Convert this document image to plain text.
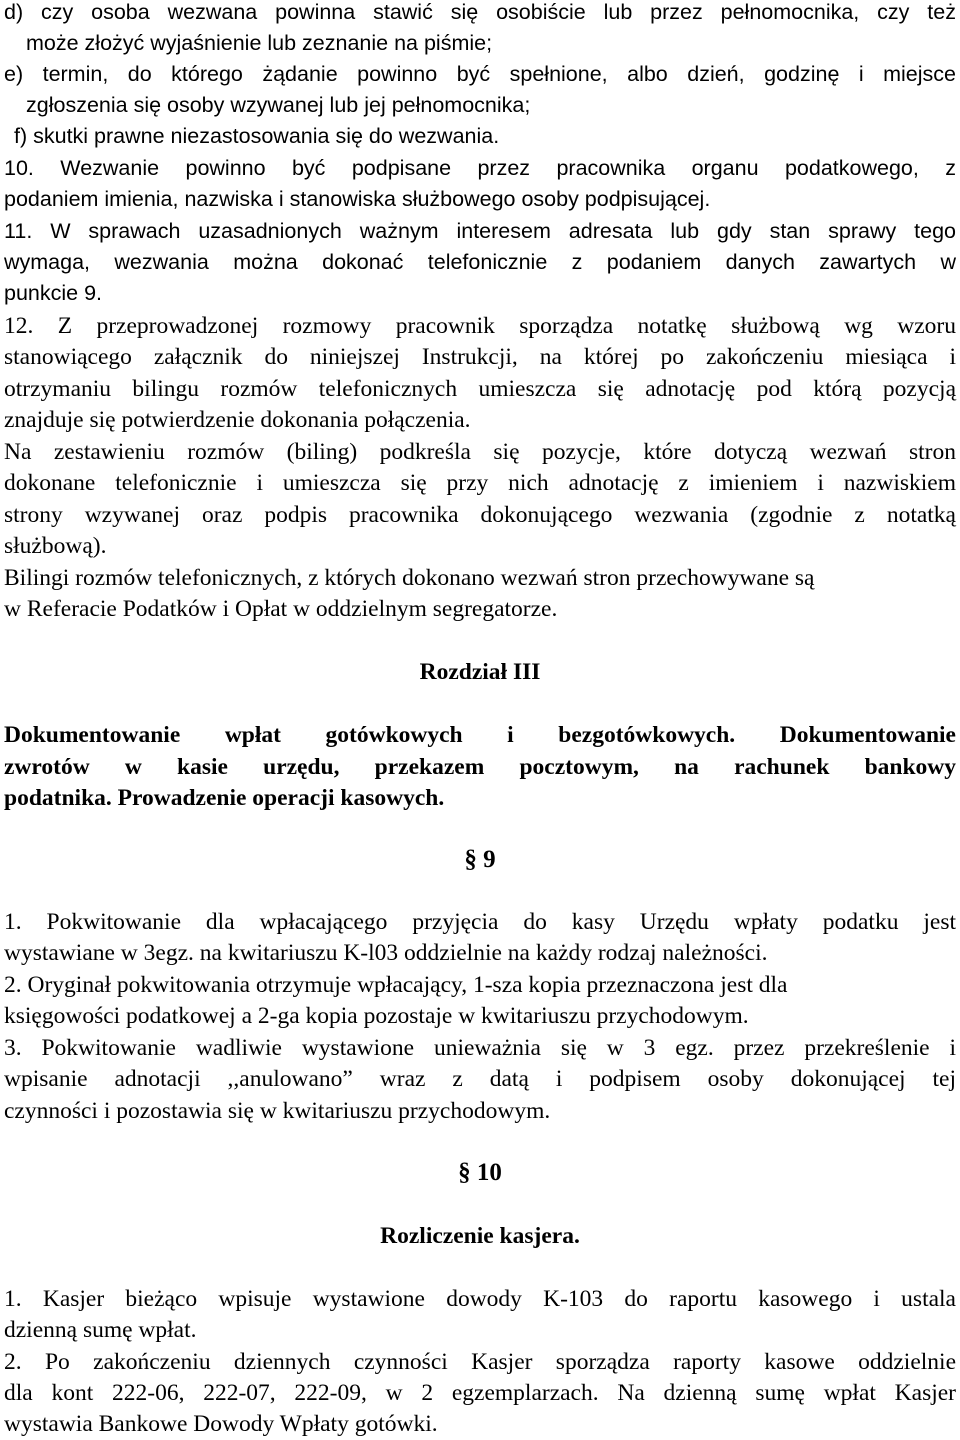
d) czy osoba wezwana powinna stawić się osobiście lub przez pełnomocnika, czy też
może złożyć wyjaśnienie lub zeznanie na piśmie;
e) termin, do którego żądanie powinno być spełnione, albo dzień, godzinę i miejsce
zgłoszenia się osoby wzywanej lub jej pełnomocnika;
f) skutki prawne niezastosowania się do wezwania.
10. Wezwanie powinno być podpisane przez pracownika organu podatkowego, z
podaniem imienia, nazwiska i stanowiska służbowego osoby podpisującej.
11. W sprawach uzasadnionych ważnym interesem adresata lub gdy stan sprawy tego
wymaga, wezwania można dokonać telefonicznie z podaniem danych zawartych w
punkcie 9.
12. Z przeprowadzonej rozmowy pracownik sporządza notatkę służbową wg wzoru
stanowiącego załącznik do niniejszej Instrukcji, na której po zakończeniu miesiąca i
otrzymaniu bilingu rozmów telefonicznych umieszcza się adnotację pod którą pozycją
znajduje się potwierdzenie dokonania połączenia.
Na zestawieniu rozmów (biling) podkreśla się pozycje, które dotyczą wezwań stron
dokonane telefonicznie i umieszcza się przy nich adnotację z imieniem i nazwiskiem
strony wzywanej oraz podpis pracownika dokonującego wezwania (zgodnie z notatką
służbową).
Bilingi rozmów telefonicznych, z których dokonano wezwań stron przechowywane są
w Referacie Podatków i Opłat w oddzielnym segregatorze.
Rozdział III
Dokumentowanie wpłat gotówkowych i bezgotówkowych. Dokumentowanie
zwrotów w kasie urzędu, przekazem pocztowym, na rachunek bankowy
podatnika. Prowadzenie operacji kasowych.
§ 9
1. Pokwitowanie dla wpłacającego przyjęcia do kasy Urzędu wpłaty podatku jest
wystawiane w 3egz. na kwitariuszu K-l03 oddzielnie na każdy rodzaj należności.
2. Oryginał pokwitowania otrzymuje wpłacający, 1-sza kopia przeznaczona jest dla
księgowości podatkowej a 2-ga kopia pozostaje w kwitariuszu przychodowym.
3. Pokwitowanie wadliwie wystawione unieważnia się w 3 egz. przez przekreślenie i
wpisanie adnotacji ,,anulowano” wraz z datą i podpisem osoby dokonującej tej
czynności i pozostawia się w kwitariuszu przychodowym.
§ 10
Rozliczenie kasjera.
1. Kasjer bieżąco wpisuje wystawione dowody K-103 do raportu kasowego i ustala
dzienną sumę wpłat.
2. Po zakończeniu dziennych czynności Kasjer sporządza raporty kasowe oddzielnie
dla kont 222-06, 222-07, 222-09, w 2 egzemplarzach. Na dzienną sumę wpłat Kasjer
wystawia Bankowe Dowody Wpłaty gotówki.
